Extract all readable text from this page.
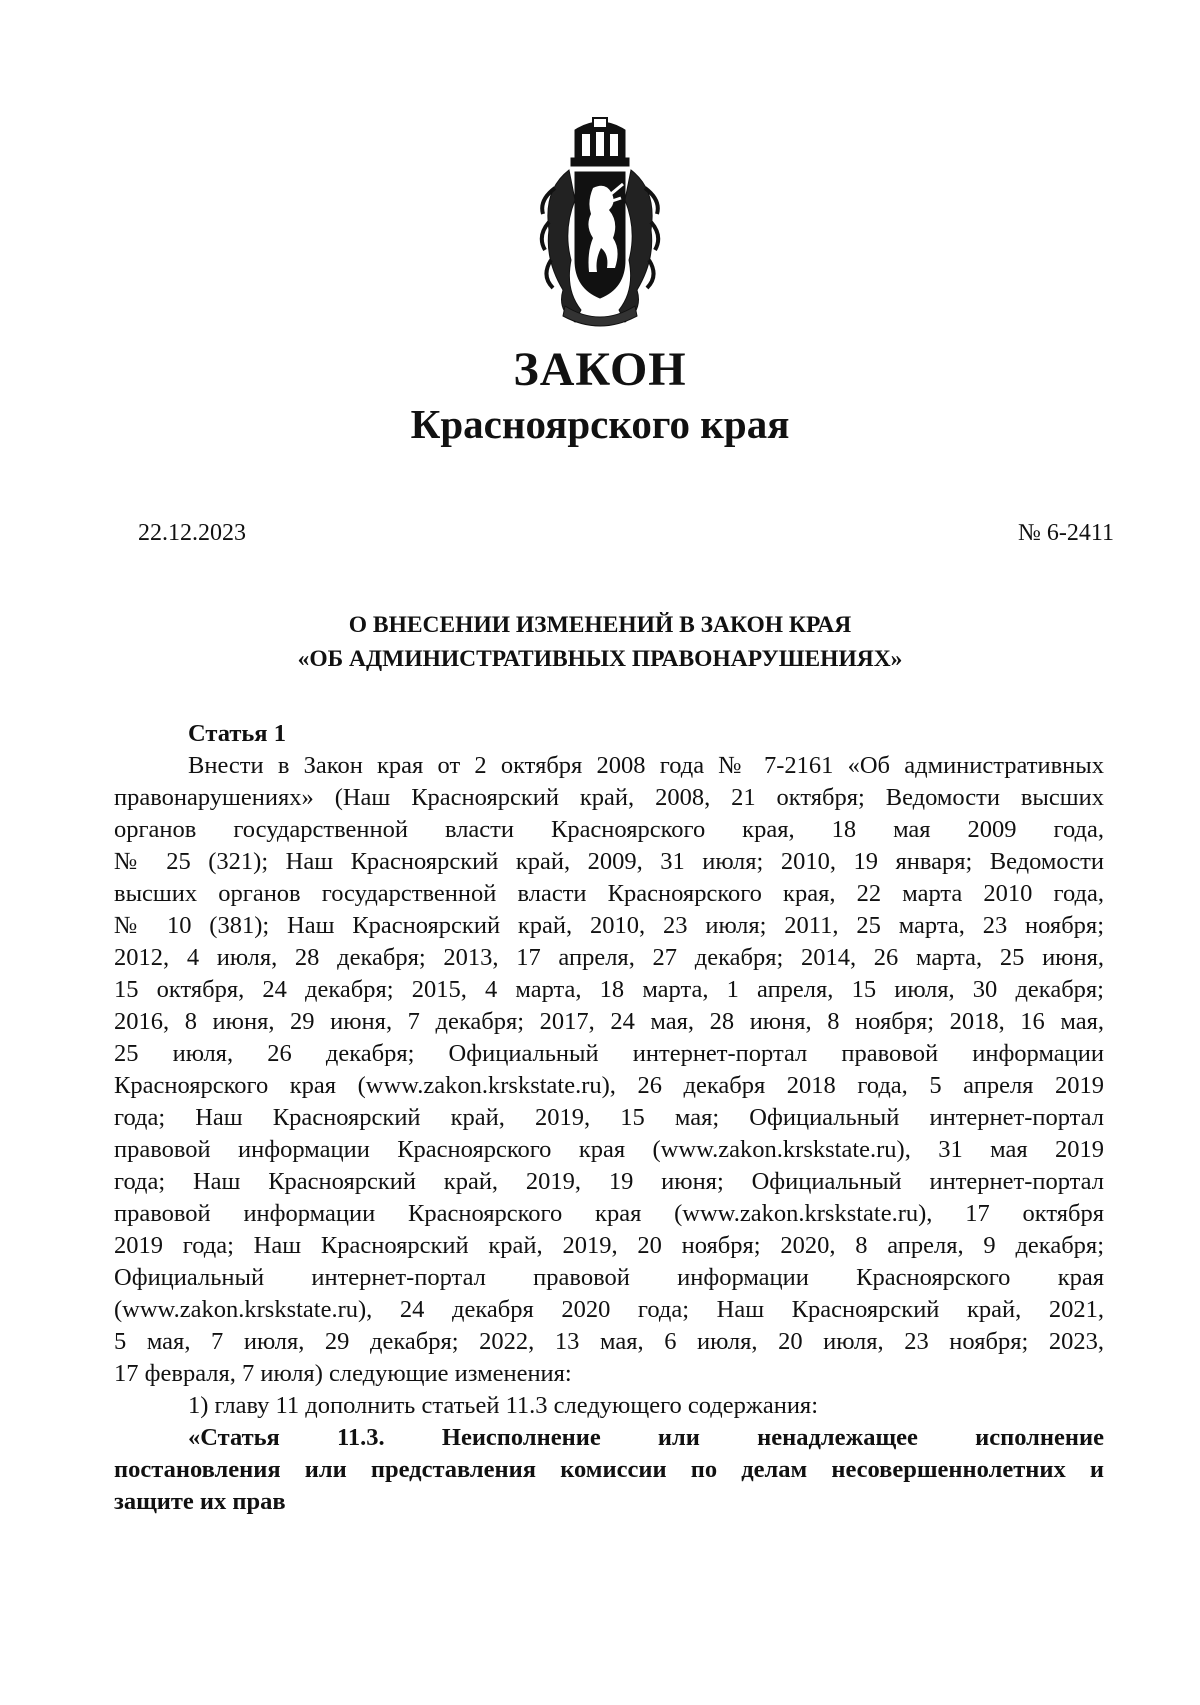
ЗАКОН
Красноярского края
22.12.2023	№ 6-2411
О ВНЕСЕНИИ ИЗМЕНЕНИЙ В ЗАКОН КРАЯ
«ОБ АДМИНИСТРАТИВНЫХ ПРАВОНАРУШЕНИЯХ»
Статья 1
Внести в Закон края от 2 октября 2008 года № 7-2161 «Об административных
правонарушениях» (Наш Красноярский край, 2008, 21 октября; Ведомости высших
органов государственной власти Красноярского края, 18 мая 2009 года,
№ 25 (321); Наш Красноярский край, 2009, 31 июля; 2010, 19 января; Ведомости
высших органов государственной власти Красноярского края, 22 марта 2010 года,
№ 10 (381); Наш Красноярский край, 2010, 23 июля; 2011, 25 марта, 23 ноября;
2012, 4 июля, 28 декабря; 2013, 17 апреля, 27 декабря; 2014, 26 марта, 25 июня,
15 октября, 24 декабря; 2015, 4 марта, 18 марта, 1 апреля, 15 июля, 30 декабря;
2016, 8 июня, 29 июня, 7 декабря; 2017, 24 мая, 28 июня, 8 ноября; 2018, 16 мая,
25 июля, 26 декабря; Официальный интернет-портал правовой информации
Красноярского края (www.zakon.krskstate.ru), 26 декабря 2018 года, 5 апреля 2019
года; Наш Красноярский край, 2019, 15 мая; Официальный интернет-портал
правовой информации Красноярского края (www.zakon.krskstate.ru), 31 мая 2019
года; Наш Красноярский край, 2019, 19 июня; Официальный интернет-портал
правовой информации Красноярского края (www.zakon.krskstate.ru), 17 октября
2019 года; Наш Красноярский край, 2019, 20 ноября; 2020, 8 апреля, 9 декабря;
Официальный интернет-портал правовой информации Красноярского края
(www.zakon.krskstate.ru), 24 декабря 2020 года; Наш Красноярский край, 2021,
5 мая, 7 июля, 29 декабря; 2022, 13 мая, 6 июля, 20 июля, 23 ноября; 2023,
17 февраля, 7 июля) следующие изменения:
1) главу 11 дополнить статьей 11.3 следующего содержания:
«Статья 11.3. Неисполнение или ненадлежащее исполнение
постановления или представления комиссии по делам несовершеннолетних и
защите их прав
